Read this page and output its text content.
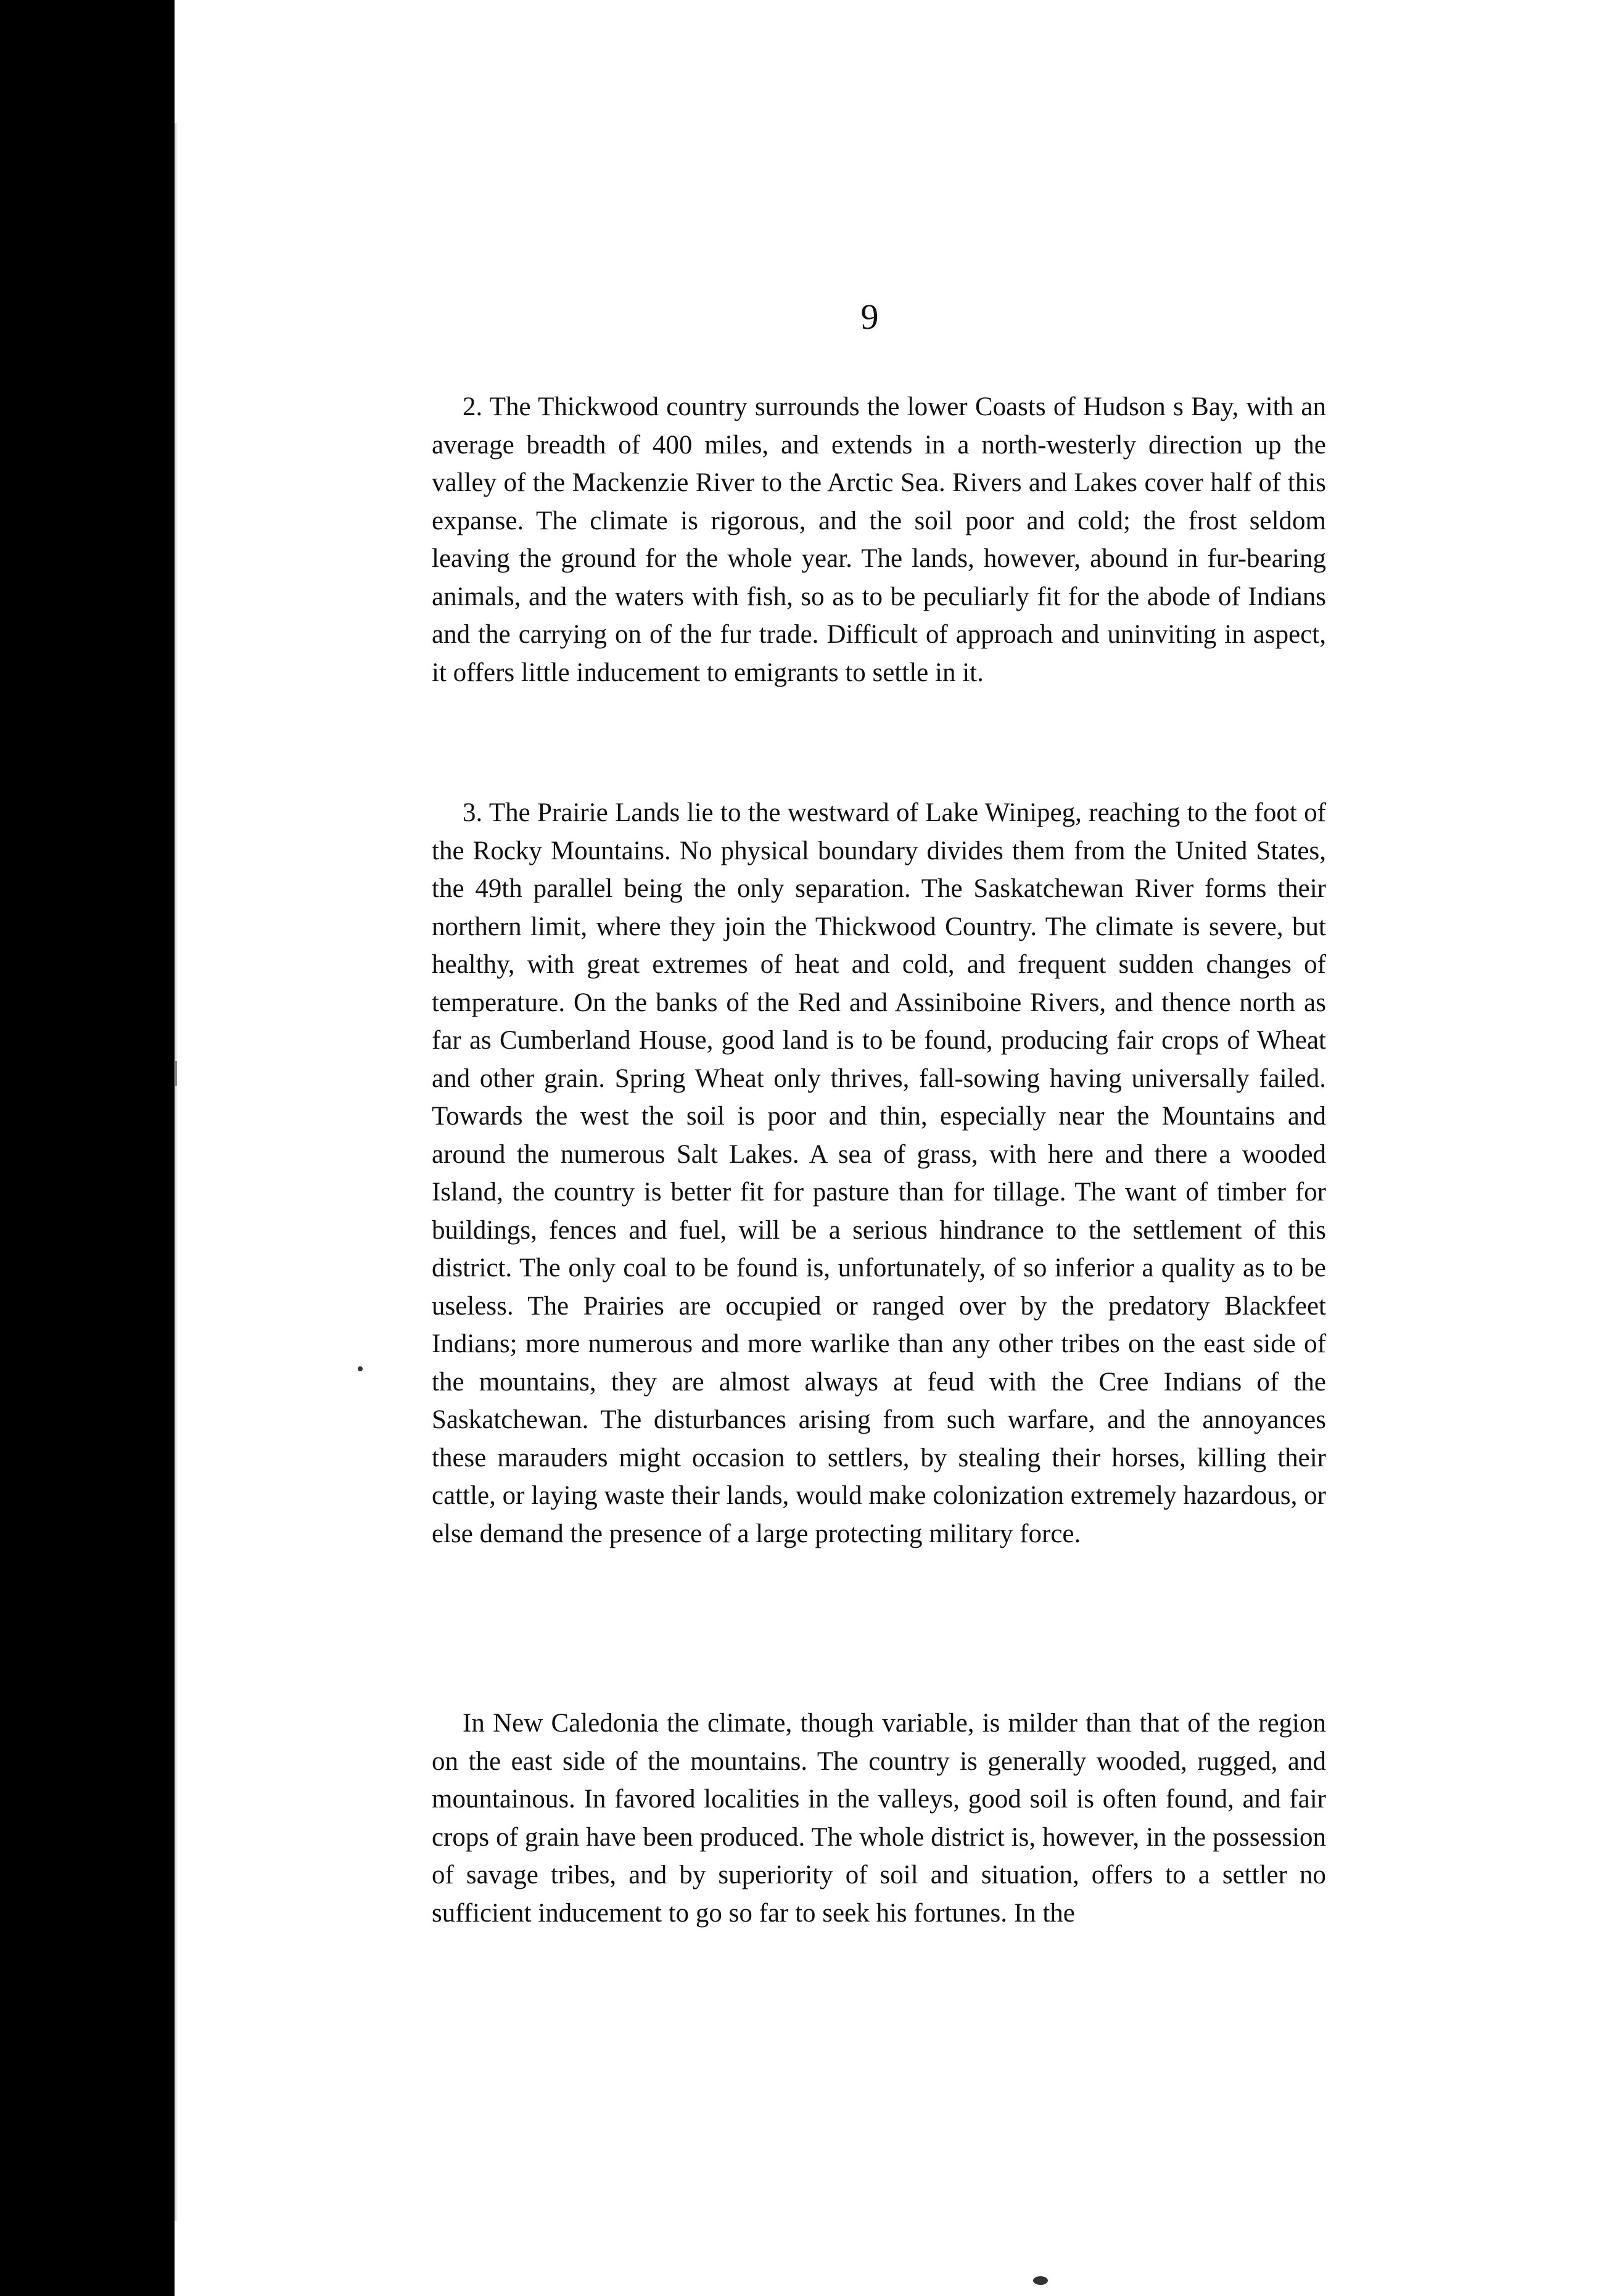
9

2. The Thickwood country surrounds the lower Coasts of Hudson s Bay, with an average breadth of 400 miles, and extends in a north-westerly direction up the valley of the Mackenzie River to the Arctic Sea. Rivers and Lakes cover half of this expanse. The climate is rigorous, and the soil poor and cold; the frost seldom leaving the ground for the whole year. The lands, however, abound in fur-bearing animals, and the waters with fish, so as to be peculiarly fit for the abode of Indians and the carrying on of the fur trade. Difficult of approach and uninviting in aspect, it offers little inducement to emigrants to settle in it.

3. The Prairie Lands lie to the westward of Lake Winipeg, reaching to the foot of the Rocky Mountains. No physical boundary divides them from the United States, the 49th parallel being the only separation. The Saskatchewan River forms their northern limit, where they join the Thickwood Country. The climate is severe, but healthy, with great extremes of heat and cold, and frequent sudden changes of temperature. On the banks of the Red and Assiniboine Rivers, and thence north as far as Cumberland House, good land is to be found, producing fair crops of Wheat and other grain. Spring Wheat only thrives, fall-sowing having universally failed. Towards the west the soil is poor and thin, especially near the Mountains and around the numerous Salt Lakes. A sea of grass, with here and there a wooded Island, the country is better fit for pasture than for tillage. The want of timber for buildings, fences and fuel, will be a serious hindrance to the settlement of this district. The only coal to be found is, unfortunately, of so inferior a quality as to be useless. The Prairies are occupied or ranged over by the predatory Blackfeet Indians; more numerous and more warlike than any other tribes on the east side of the mountains, they are almost always at feud with the Cree Indians of the Saskatchewan. The disturbances arising from such warfare, and the annoyances these marauders might occasion to settlers, by stealing their horses, killing their cattle, or laying waste their lands, would make colonization extremely hazardous, or else demand the presence of a large protecting military force.

In New Caledonia the climate, though variable, is milder than that of the region on the east side of the mountains. The country is generally wooded, rugged, and mountainous. In favored localities in the valleys, good soil is often found, and fair crops of grain have been produced. The whole district is, however, in the possession of savage tribes, and by superiority of soil and situation, offers to a settler no sufficient inducement to go so far to seek his fortunes. In the
